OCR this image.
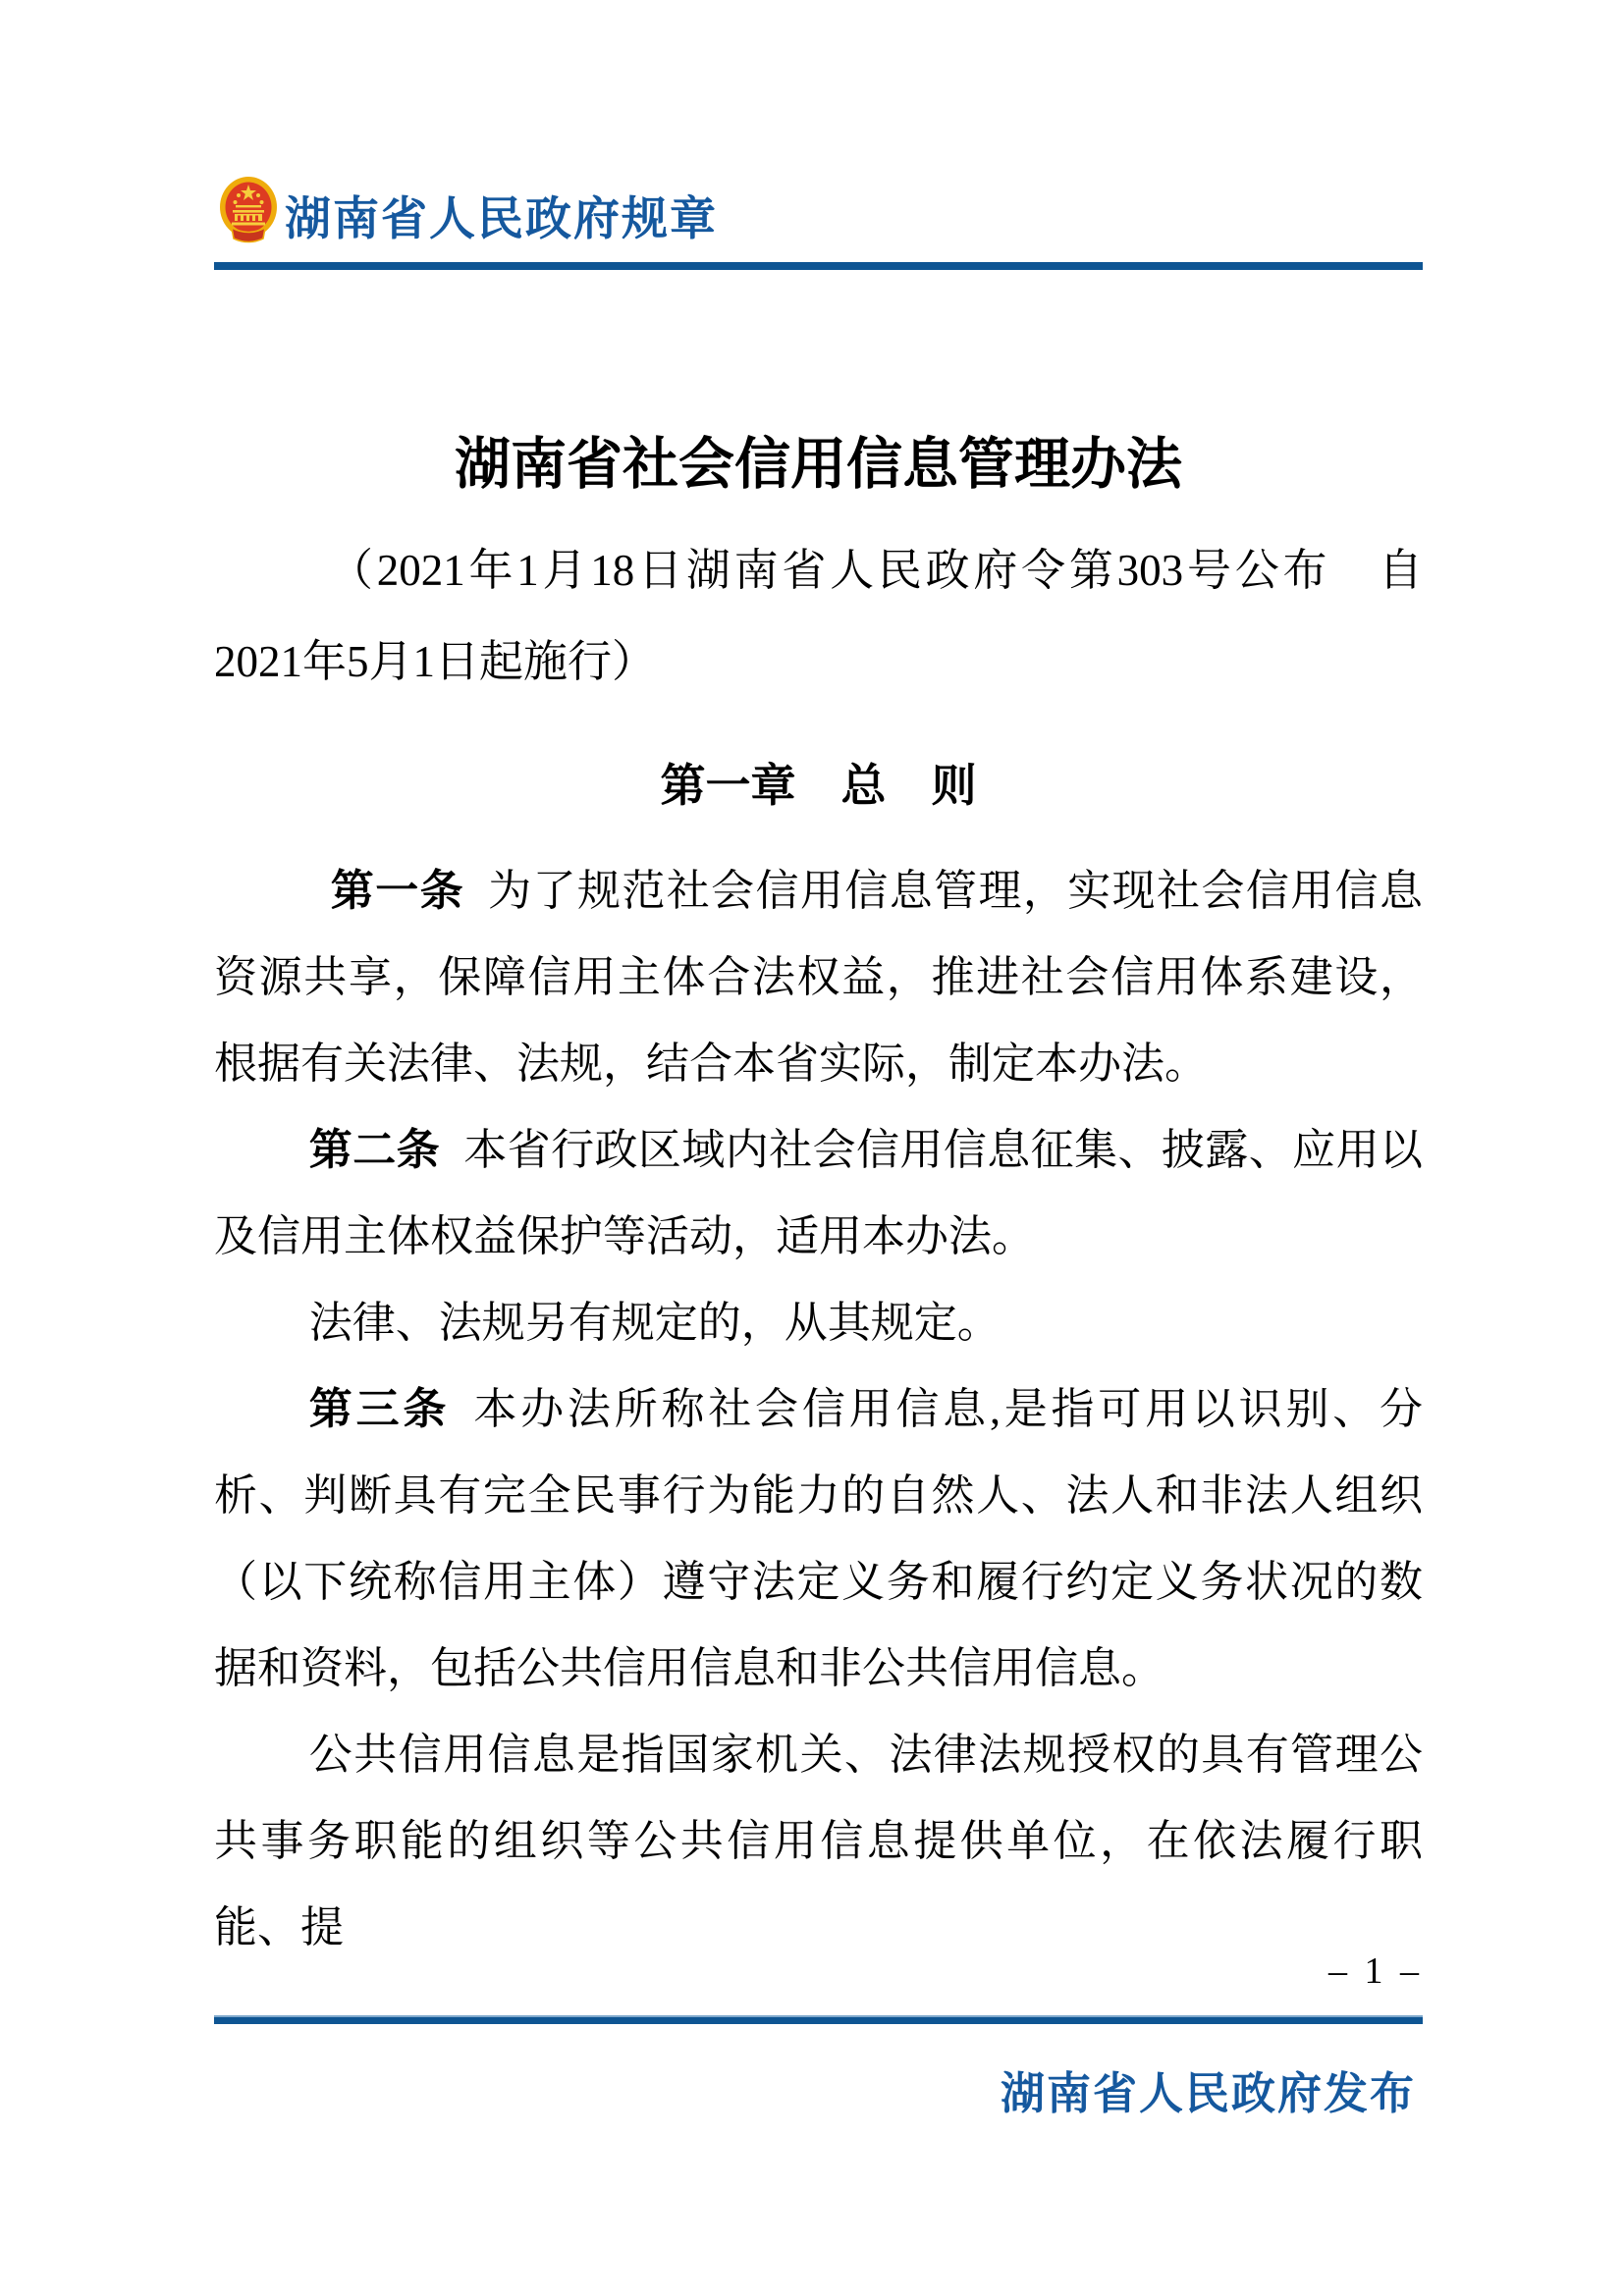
湖南省人民政府规章
湖南省社会信用信息管理办法

（2021年1月18日湖南省人民政府令第303号公布　自2021年5月1日起施行）

第一章　总　则

第一条 为了规范社会信用信息管理，实现社会信用信息资源共享，保障信用主体合法权益，推进社会信用体系建设，根据有关法律、法规，结合本省实际，制定本办法。

第二条 本省行政区域内社会信用信息征集、披露、应用以及信用主体权益保护等活动，适用本办法。

法律、法规另有规定的，从其规定。

第三条 本办法所称社会信用信息,是指可用以识别、分析、判断具有完全民事行为能力的自然人、法人和非法人组织（以下统称信用主体）遵守法定义务和履行约定义务状况的数据和资料，包括公共信用信息和非公共信用信息。

公共信用信息是指国家机关、法律法规授权的具有管理公共事务职能的组织等公共信用信息提供单位，在依法履行职能、提

– 1 –
湖南省人民政府发布
